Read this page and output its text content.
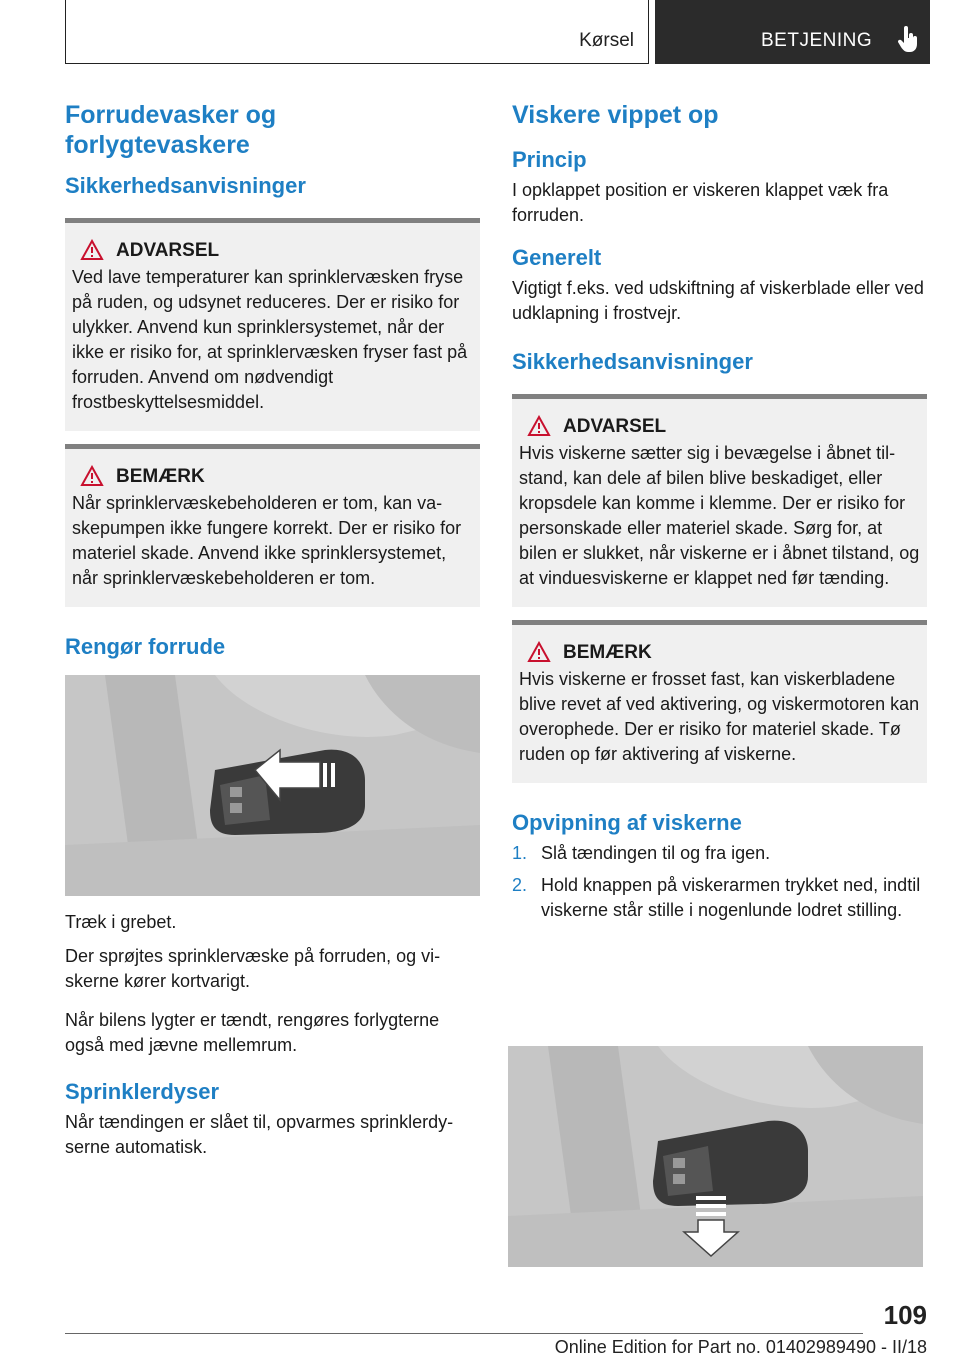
Kørsel	BETJENING
Forrudevasker og forlygtevaskere
Sikkerhedsanvisninger
ADVARSEL

Ved lave temperaturer kan sprinklervæsken fryse på ruden, og udsynet reduceres. Der er risiko for ulykker. Anvend kun sprinklersystemet, når der ikke er risiko for, at sprinklervæsken fryser fast på forruden. Anvend om nødvendigt frostbeskyttelsesmiddel.

BEMÆRK

Når sprinklervæskebeholderen er tom, kan vaskepumpen ikke fungere korrekt. Der er risiko for materiel skade. Anvend ikke sprinklersystemet, når sprinklervæskebeholderen er tom.

Rengør forrude

Træk i grebet.

Der sprøjtes sprinklervæske på forruden, og viskerne kører kortvarigt.

Når bilens lygter er tændt, rengøres forlygterne også med jævne mellemrum.

Sprinklerdyser

Når tændingen er slået til, opvarmes sprinklerdyserne automatisk.

Viskere vippet op
Princip

I opklappet position er viskeren klappet væk fra forruden.

Generelt

Vigtigt f.eks. ved udskiftning af viskerblade eller ved udklapning i frostvejr.

Sikkerhedsanvisninger
ADVARSEL

Hvis viskerne sætter sig i bevægelse i åbnet tilstand, kan dele af bilen blive beskadiget, eller kropsdele kan komme i klemme. Der er risiko for personskade eller materiel skade. Sørg for, at bilen er slukket, når viskerne er i åbnet tilstand, og at vinduesviskerne er klappet ned før tænding.

BEMÆRK

Hvis viskerne er frosset fast, kan viskerbladene blive revet af ved aktivering, og viskermotoren kan overophede. Der er risiko for materiel skade. Tø ruden op før aktivering af viskerne.

Opvipning af viskerne
1. Slå tændingen til og fra igen.
2. Hold knappen på viskerarmen trykket ned, indtil viskerne står stille i nogenlunde lodret stilling.
109
Online Edition for Part no. 01402989490 - II/18
